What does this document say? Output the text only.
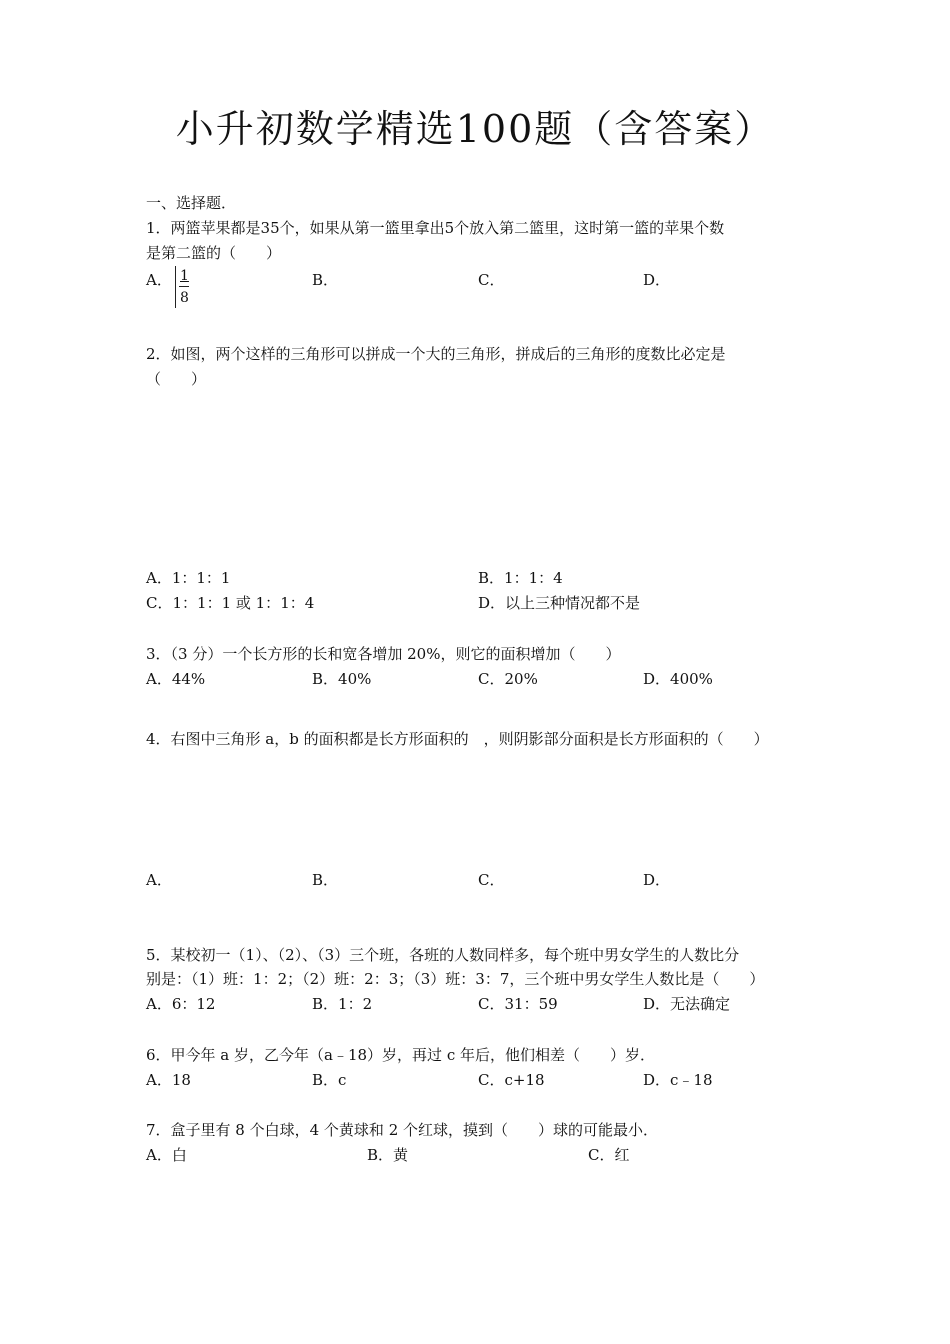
小升初数学精选100题（含答案）
一、选择题．
1．两篮苹果都是35个，如果从第一篮里拿出5个放入第二篮里，这时第一篮的苹果个数
是第二篮的（　　）
A． $\frac{1}{8}$	B．	C．	D．
2．如图，两个这样的三角形可以拼成一个大的三角形，拼成后的三角形的度数比必定是
（　　）
A．1：1：1	B．1：1：4
C．1：1：1 或 1：1：4	D．以上三种情况都不是
3．（3 分）一个长方形的长和宽各增加 20%，则它的面积增加（　　）
A．44%	B．40%	C．20%	D．400%
4．右图中三角形 a，b 的面积都是长方形面积的　，则阴影部分面积是长方形面积的（　　）
A．	B．	C．	D．
5．某校初一（1）、（2）、（3）三个班，各班的人数同样多，每个班中男女学生的人数比分
别是：（1）班：1：2；（2）班：2：3；（3）班：3：7，三个班中男女学生人数比是（　　）
A．6：12	B．1：2	C．31：59	D．无法确定
6．甲今年 a 岁，乙今年（a﹣18）岁，再过 c 年后，他们相差（　　）岁．
A．18	B．c	C．c+18	D．c﹣18
7．盒子里有 8 个白球，4 个黄球和 2 个红球，摸到（　　）球的可能最小．
A．白	B．黄	C．红
